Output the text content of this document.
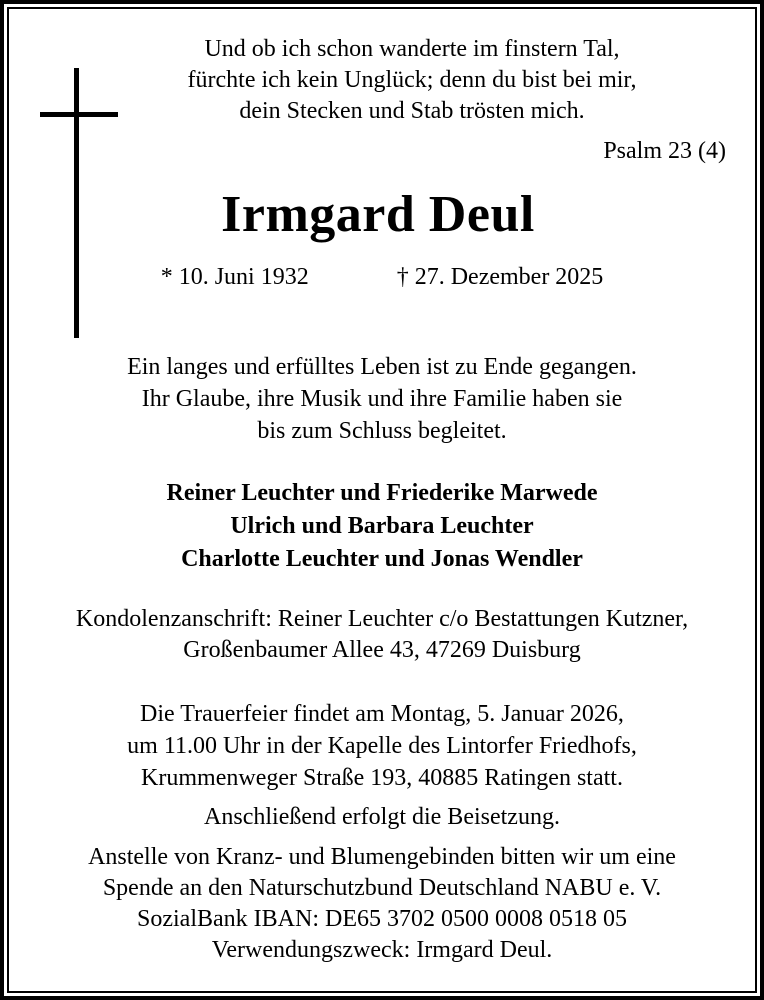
Und ob ich schon wanderte im finstern Tal,
fürchte ich kein Unglück; denn du bist bei mir,
dein Stecken und Stab trösten mich.
Psalm 23 (4)
Irmgard Deul
* 10. Juni 1932	† 27. Dezember 2025
Ein langes und erfülltes Leben ist zu Ende gegangen.
Ihr Glaube, ihre Musik und ihre Familie haben sie
bis zum Schluss begleitet.
Reiner Leuchter und Friederike Marwede
Ulrich und Barbara Leuchter
Charlotte Leuchter und Jonas Wendler
Kondolenzanschrift: Reiner Leuchter c/o Bestattungen Kutzner,
Großenbaumer Allee 43, 47269 Duisburg
Die Trauerfeier findet am Montag, 5. Januar 2026,
um 11.00 Uhr in der Kapelle des Lintorfer Friedhofs,
Krummenweger Straße 193, 40885 Ratingen statt.
Anschließend erfolgt die Beisetzung.
Anstelle von Kranz- und Blumengebinden bitten wir um eine
Spende an den Naturschutzbund Deutschland NABU e. V.
SozialBank IBAN: DE65 3702 0500 0008 0518 05
Verwendungszweck: Irmgard Deul.
